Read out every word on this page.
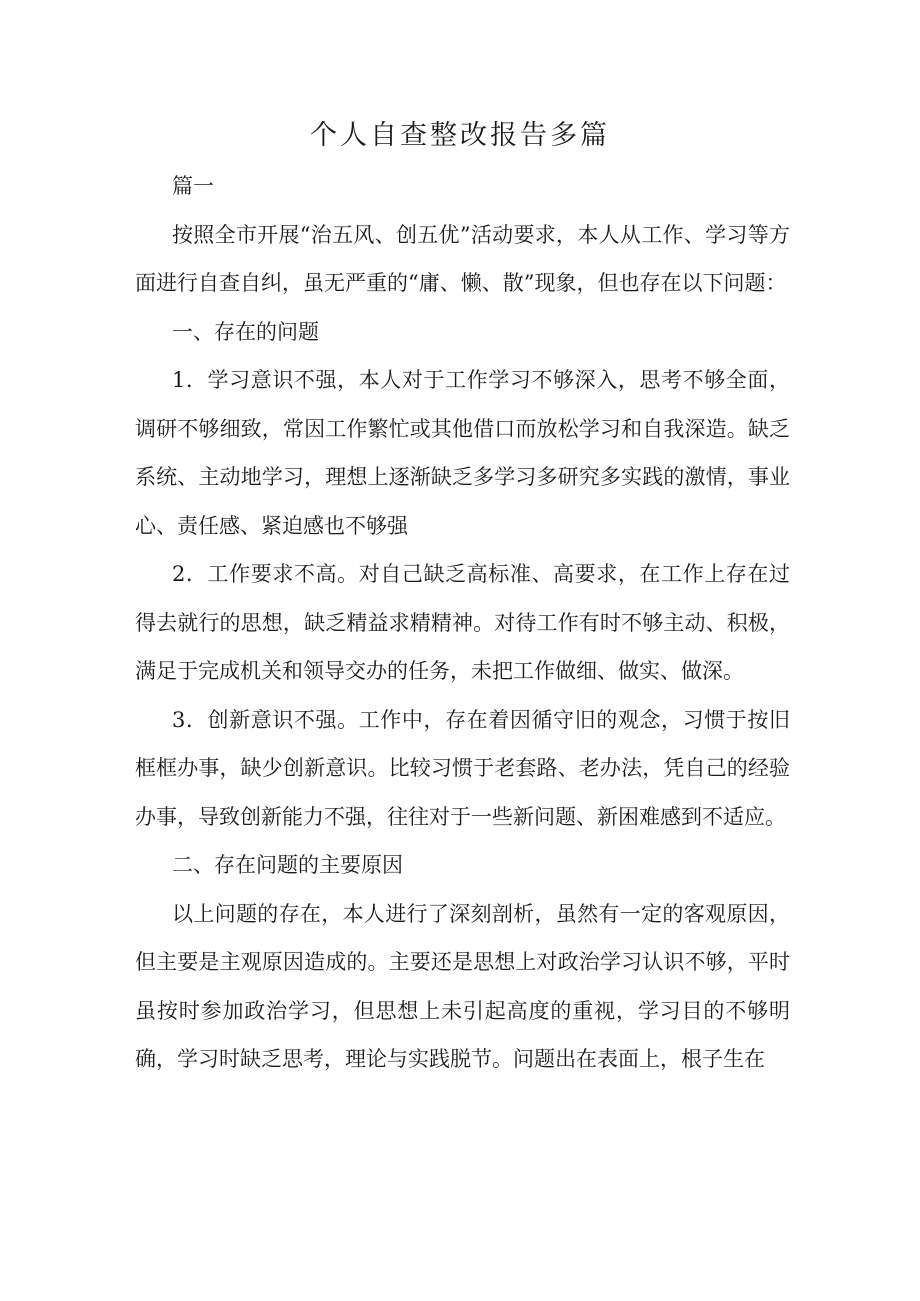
个人自查整改报告多篇

篇一

按照全市开展“治五风、创五优”活动要求，本人从工作、学习等方面进行自查自纠，虽无严重的“庸、懒、散”现象，但也存在以下问题：

一、存在的问题

1．学习意识不强，本人对于工作学习不够深入，思考不够全面，调研不够细致，常因工作繁忙或其他借口而放松学习和自我深造。缺乏系统、主动地学习，理想上逐渐缺乏多学习多研究多实践的激情，事业心、责任感、紧迫感也不够强

2．工作要求不高。对自己缺乏高标准、高要求，在工作上存在过得去就行的思想，缺乏精益求精精神。对待工作有时不够主动、积极，满足于完成机关和领导交办的任务，未把工作做细、做实、做深。

3．创新意识不强。工作中，存在着因循守旧的观念，习惯于按旧框框办事，缺少创新意识。比较习惯于老套路、老办法，凭自己的经验办事，导致创新能力不强，往往对于一些新问题、新困难感到不适应。

二、存在问题的主要原因

以上问题的存在，本人进行了深刻剖析，虽然有一定的客观原因，但主要是主观原因造成的。主要还是思想上对政治学习认识不够，平时虽按时参加政治学习，但思想上未引起高度的重视，学习目的不够明确，学习时缺乏思考，理论与实践脱节。问题出在表面上，根子生在
